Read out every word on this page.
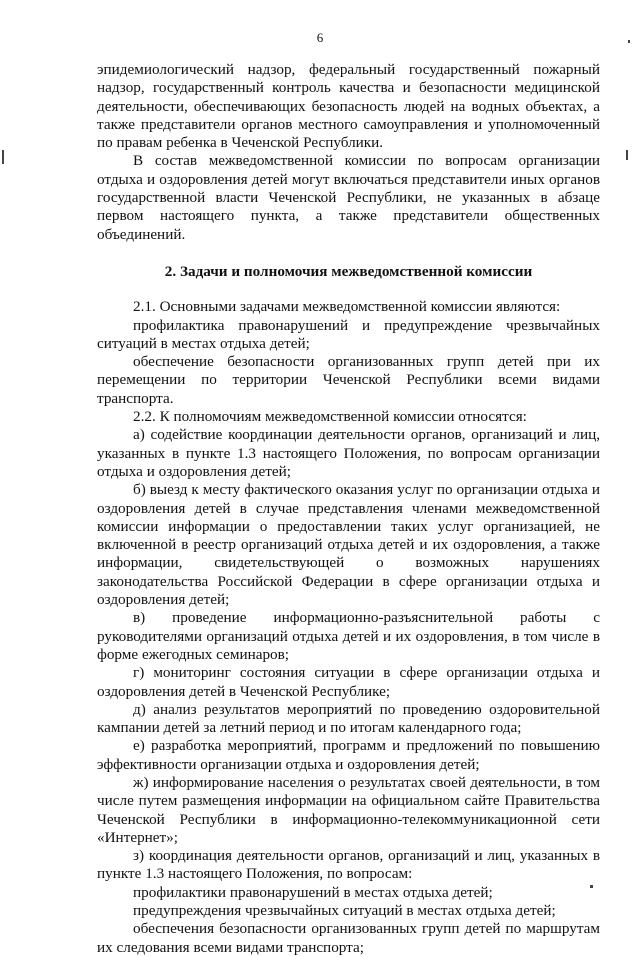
6

эпидемиологический надзор, федеральный государственный пожарный надзор, государственный контроль качества и безопасности медицинской деятельности, обеспечивающих безопасность людей на водных объектах, а также представители органов местного самоуправления и уполномоченный по правам ребенка в Чеченской Республики.

В состав межведомственной комиссии по вопросам организации отдыха и оздоровления детей могут включаться представители иных органов государственной власти Чеченской Республики, не указанных в абзаце первом настоящего пункта, а также представители общественных объединений.

2. Задачи и полномочия межведомственной комиссии

2.1. Основными задачами межведомственной комиссии являются:

профилактика правонарушений и предупреждение чрезвычайных ситуаций в местах отдыха детей;

обеспечение безопасности организованных групп детей при их перемещении по территории Чеченской Республики всеми видами транспорта.

2.2. К полномочиям межведомственной комиссии относятся:

а) содействие координации деятельности органов, организаций и лиц, указанных в пункте 1.3 настоящего Положения, по вопросам организации отдыха и оздоровления детей;

б) выезд к месту фактического оказания услуг по организации отдыха и оздоровления детей в случае представления членами межведомственной комиссии информации о предоставлении таких услуг организацией, не включенной в реестр организаций отдыха детей и их оздоровления, а также информации, свидетельствующей о возможных нарушениях законодательства Российской Федерации в сфере организации отдыха и оздоровления детей;

в) проведение информационно-разъяснительной работы с руководителями организаций отдыха детей и их оздоровления, в том числе в форме ежегодных семинаров;

г) мониторинг состояния ситуации в сфере организации отдыха и оздоровления детей в Чеченской Республике;

д) анализ результатов мероприятий по проведению оздоровительной кампании детей за летний период и по итогам календарного года;

е) разработка мероприятий, программ и предложений по повышению эффективности организации отдыха и оздоровления детей;

ж) информирование населения о результатах своей деятельности, в том числе путем размещения информации на официальном сайте Правительства Чеченской Республики в информационно-телекоммуникационной сети «Интернет»;

з) координация деятельности органов, организаций и лиц, указанных в пункте 1.3 настоящего Положения, по вопросам:

профилактики правонарушений в местах отдыха детей;

предупреждения чрезвычайных ситуаций в местах отдыха детей;

обеспечения безопасности организованных групп детей по маршрутам их следования всеми видами транспорта;
